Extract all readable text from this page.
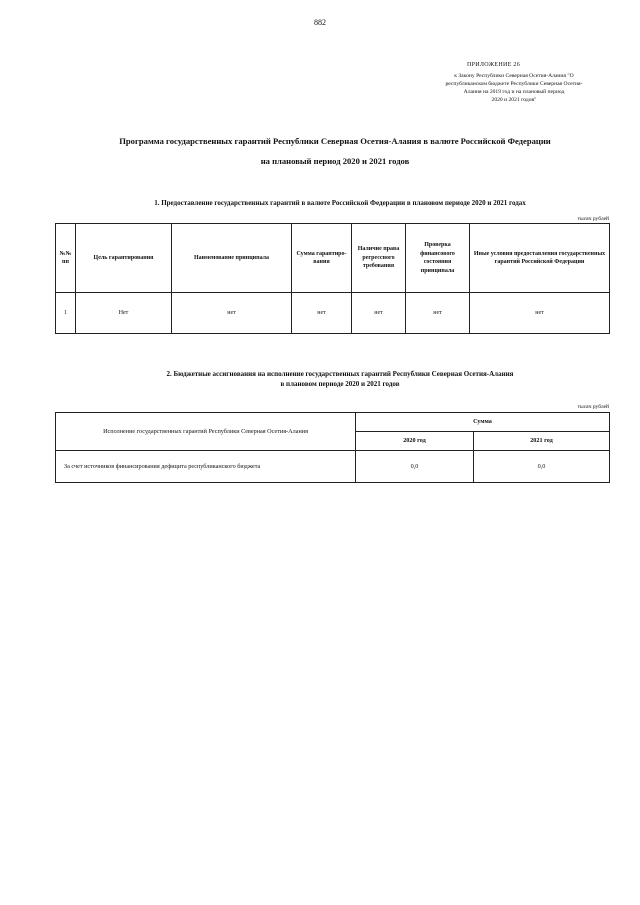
882
ПРИЛОЖЕНИЕ 26
к Закону Республики Северная Осетия-Алания "О
республиканском бюджете Республики Северная Осетия-
Алания на 2019 год и на плановый период
2020 и 2021 годов"
Программа государственных гарантий Республики Северная Осетия-Алания в валюте Российской Федерации
на плановый период 2020 и 2021 годов
1. Предоставление государственных гарантий в валюте Российской Федерации в плановом периоде 2020 и 2021 годах
тысяч рублей
№№ пп	Цель гарантирования	Наименование принципала	Сумма гарантиро-вания	Наличие права регрессного требования	Проверка финансового состояния принципала	Иные условия предоставления государственных гарантий Российской Федерации
1	Нет	нет	нет	нет	нет	нет
2. Бюджетные ассигнования на исполнение государственных гарантий Республики Северная Осетия-Алания
в плановом периоде 2020 и 2021 годов
тысяч рублей
Исполнение государственных гарантий Республики Северная Осетия-Алания	Сумма	
	2020 год	2021 год
За счет источников финансирования дефицита республиканского бюджета	0,0	0,0
